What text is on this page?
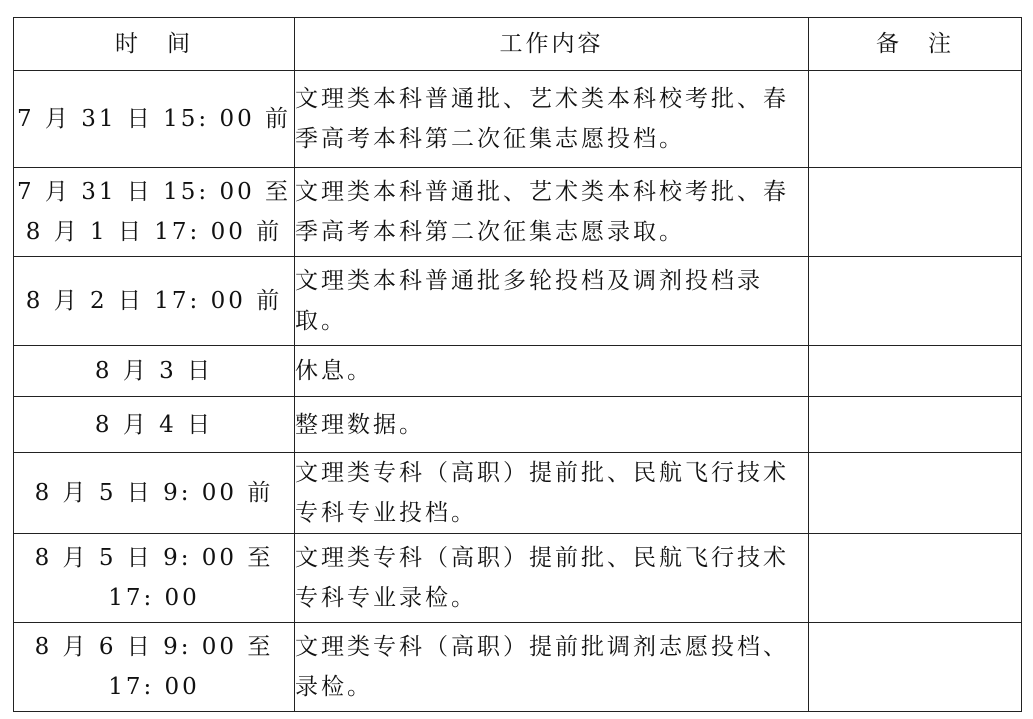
时　间	工作内容	备　注
7 月 31 日 15: 00 前	文理类本科普通批、艺术类本科校考批、春季高考本科第二次征集志愿投档。	
7 月 31 日 15: 00 至 8 月 1 日 17: 00 前	文理类本科普通批、艺术类本科校考批、春季高考本科第二次征集志愿录取。	
8 月 2 日 17: 00 前	文理类本科普通批多轮投档及调剂投档录取。	
8 月 3 日	休息。	
8 月 4 日	整理数据。	
8 月 5 日 9: 00 前	文理类专科（高职）提前批、民航飞行技术专科专业投档。	
8 月 5 日 9: 00 至 17: 00	文理类专科（高职）提前批、民航飞行技术专科专业录检。	
8 月 6 日 9: 00 至 17: 00	文理类专科（高职）提前批调剂志愿投档、录检。	
